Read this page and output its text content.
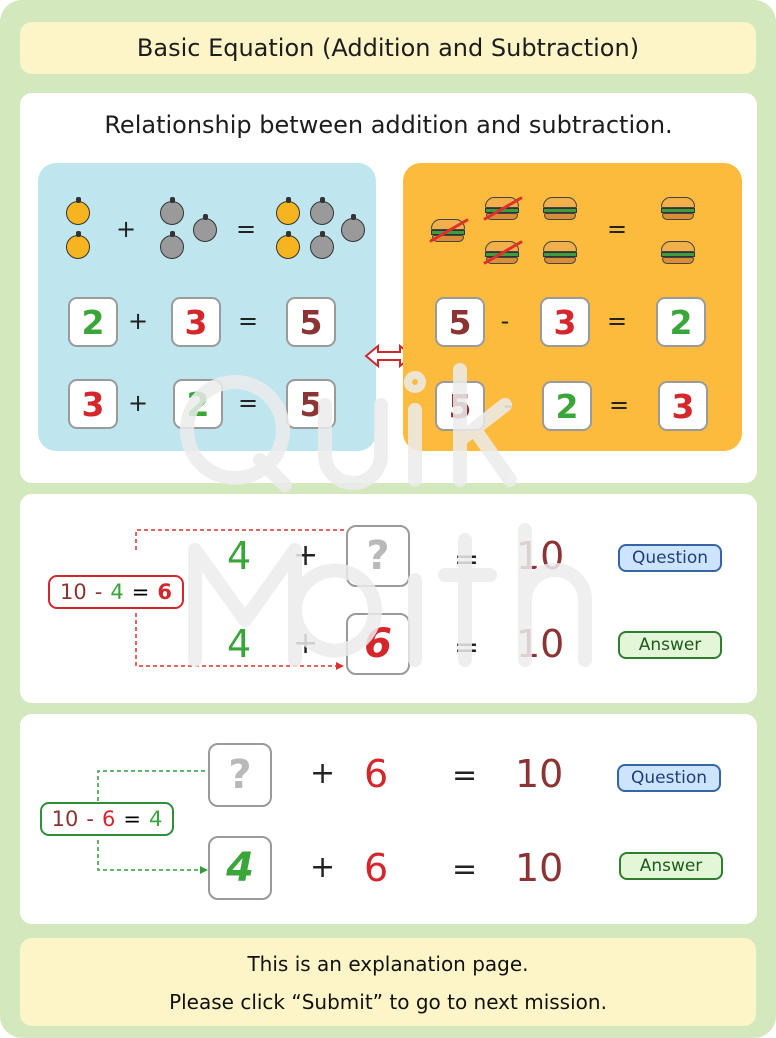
Basic Equation (Addition and Subtraction)
Relationship between addition and subtraction.
+	=
2 +	3	=	5
3 +	2	=	5
=
5	-	3	=	2
5	-	2	=	3
10 - 4 = 6
4 + ? = 10	Question
4 + 6 = 10	Answer
10 - 6 = 4
? + 6 = 10	Question
4 + 6 = 10	Answer
This is an explanation page.
Please click “Submit” to go to next mission.
